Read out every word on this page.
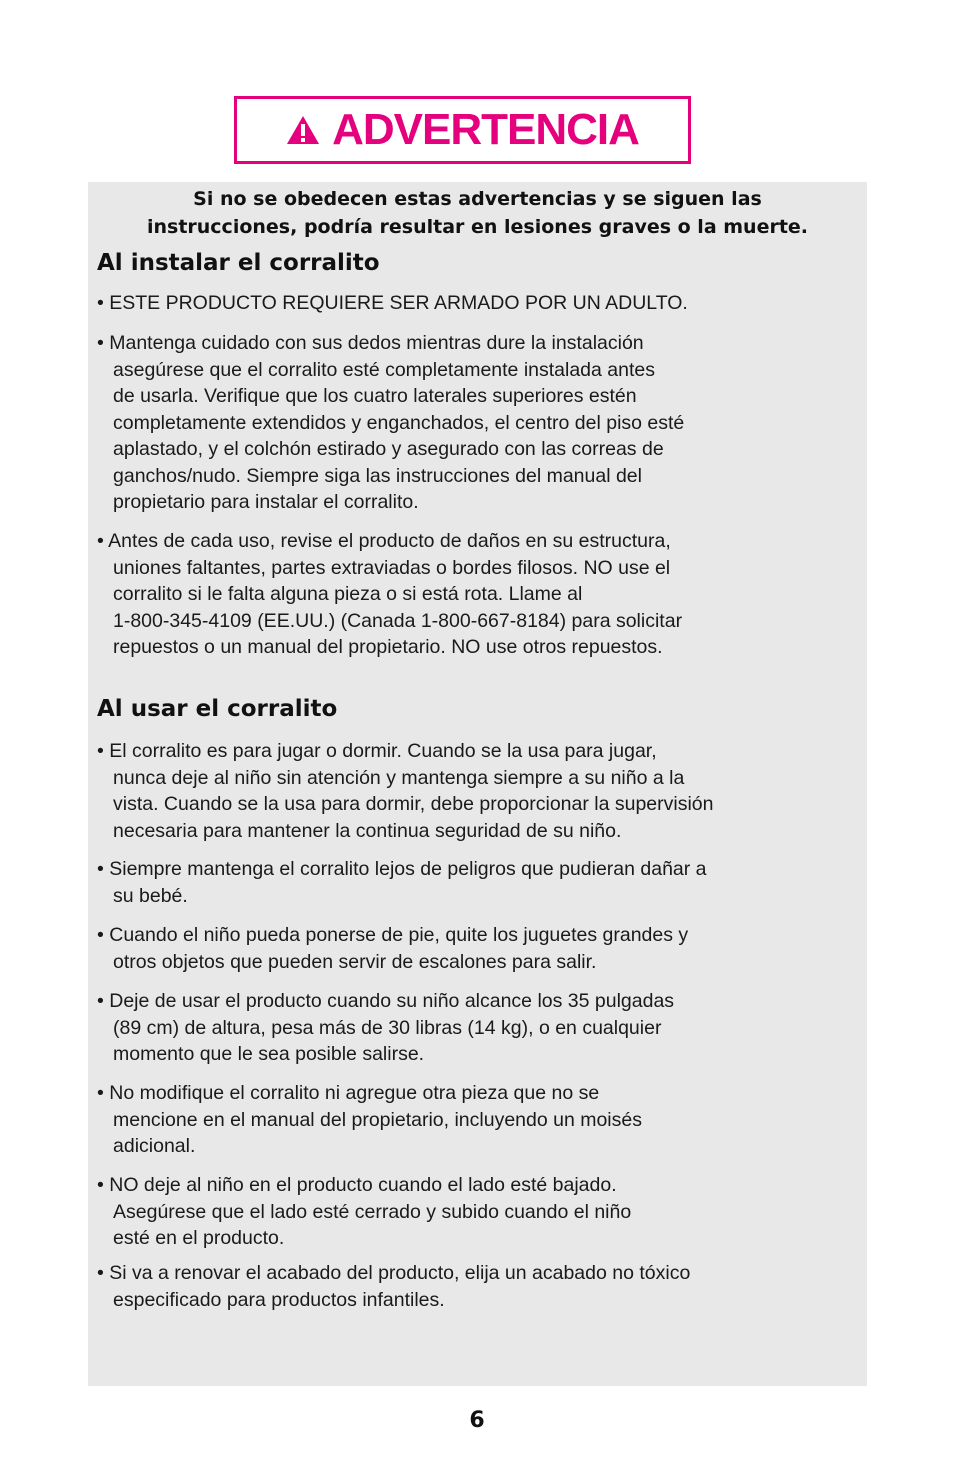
ADVERTENCIA
Si no se obedecen estas advertencias y se siguen las
instrucciones, podría resultar en lesiones graves o la muerte.
Al instalar el corralito
• ESTE PRODUCTO REQUIERE SER ARMADO POR UN ADULTO.
• Mantenga cuidado con sus dedos mientras dure la instalación
asegúrese que el corralito esté completamente instalada antes
de usarla. Verifique que los cuatro laterales superiores estén
completamente extendidos y enganchados, el centro del piso esté
aplastado, y el colchón estirado y asegurado con las correas de
ganchos/nudo. Siempre siga las instrucciones del manual del
propietario para instalar el corralito.
• Antes de cada uso, revise el producto de daños en su estructura,
uniones faltantes, partes extraviadas o bordes filosos. NO use el
corralito si le falta alguna pieza o si está rota. Llame al
1-800-345-4109 (EE.UU.) (Canada 1-800-667-8184) para solicitar
repuestos o un manual del propietario. NO use otros repuestos.
Al usar el corralito
• El corralito es para jugar o dormir. Cuando se la usa para jugar,
nunca deje al niño sin atención y mantenga siempre a su niño a la
vista. Cuando se la usa para dormir, debe proporcionar la supervisión
necesaria para mantener la continua seguridad de su niño.
• Siempre mantenga el corralito lejos de peligros que pudieran dañar a
su bebé.
• Cuando el niño pueda ponerse de pie, quite los juguetes grandes y
otros objetos que pueden servir de escalones para salir.
• Deje de usar el producto cuando su niño alcance los 35 pulgadas
(89 cm) de altura, pesa más de 30 libras (14 kg), o en cualquier
momento que le sea posible salirse.
• No modifique el corralito ni agregue otra pieza que no se
mencione en el manual del propietario, incluyendo un moisés
adicional.
• NO deje al niño en el producto cuando el lado esté bajado.
Asegúrese que el lado esté cerrado y subido cuando el niño
esté en el producto.
• Si va a renovar el acabado del producto, elija un acabado no tóxico
especificado para productos infantiles.
6
